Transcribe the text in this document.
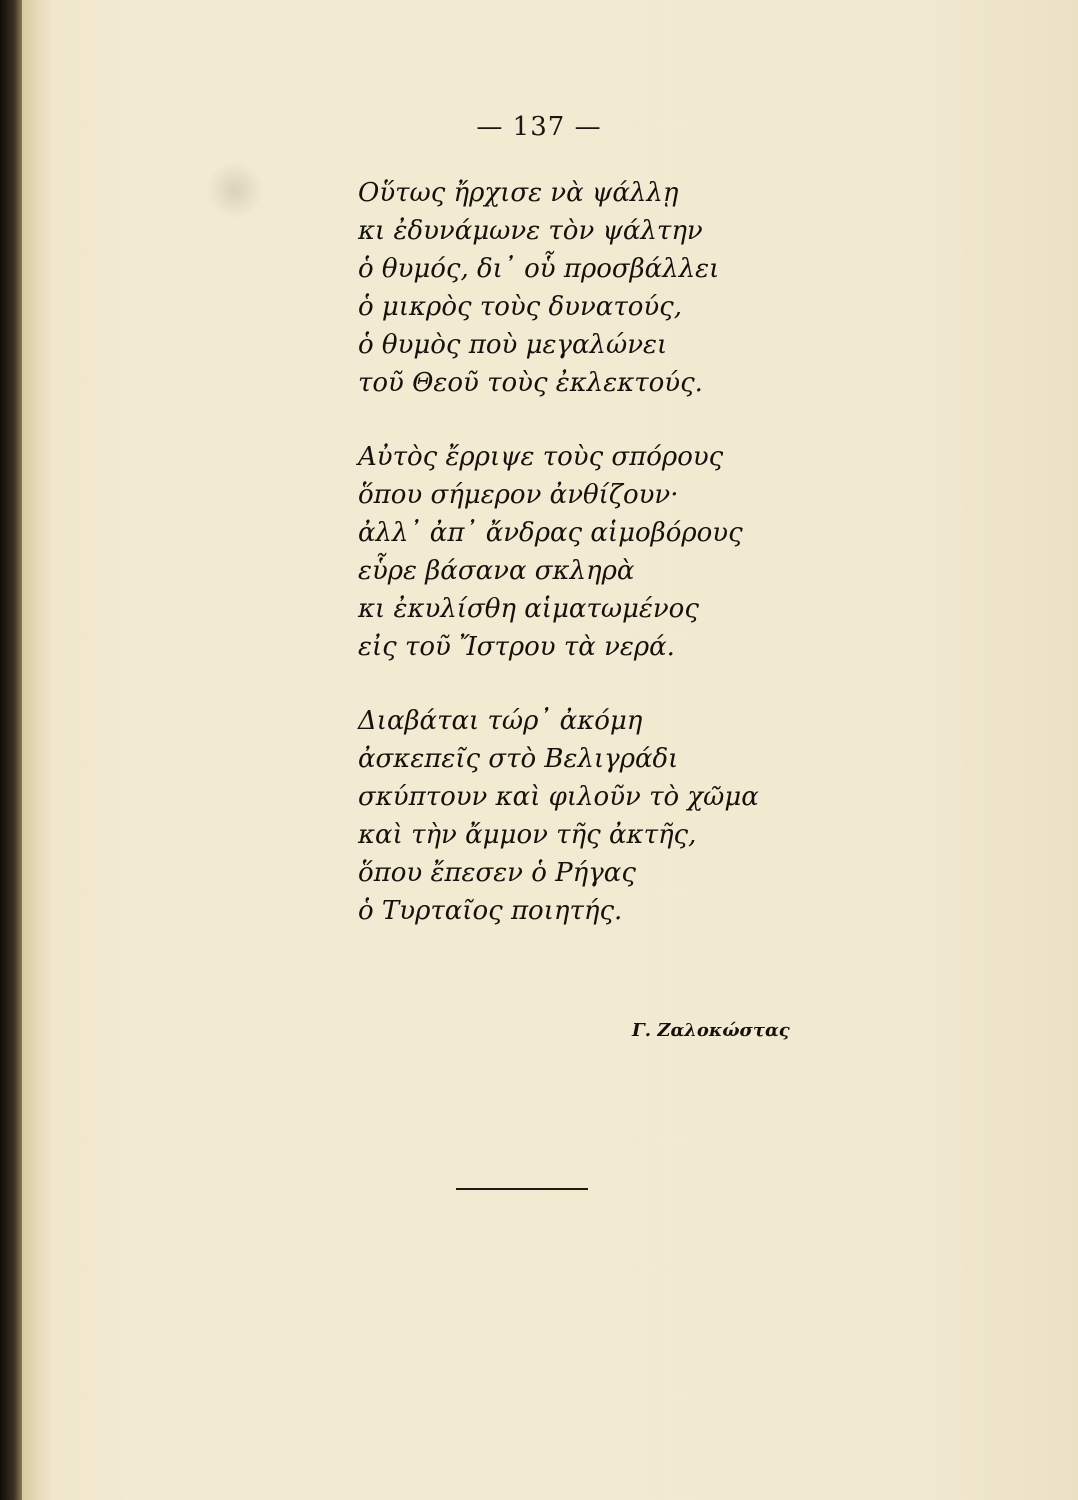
— 137 —
Οὕτως ἤρχισε νὰ ψάλλῃ
κι ἐδυνάμωνε τὸν ψάλτην
ὁ θυμός, δι᾽ οὗ προσβάλλει
ὁ μικρὸς τοὺς δυνατούς,
ὁ θυμὸς ποὺ μεγαλώνει
τοῦ Θεοῦ τοὺς ἐκλεκτούς.
Αὐτὸς ἔρριψε τοὺς σπόρους
ὅπου σήμερον ἀνθίζουν·
ἀλλ᾽ ἀπ᾽ ἄνδρας αἱμοβόρους
εὗρε βάσανα σκληρὰ
κι ἐκυλίσθη αἱματωμένος
εἰς τοῦ Ἴστρου τὰ νερά.
Διαβάται τώρ᾽ ἀκόμη
ἀσκεπεῖς στὸ Βελιγράδι
σκύπτουν καὶ φιλοῦν τὸ χῶμα
καὶ τὴν ἄμμον τῆς ἀκτῆς,
ὅπου ἔπεσεν ὁ Ρήγας
ὁ Τυρταῖος ποιητής.
Γ. Ζαλοκώστας
